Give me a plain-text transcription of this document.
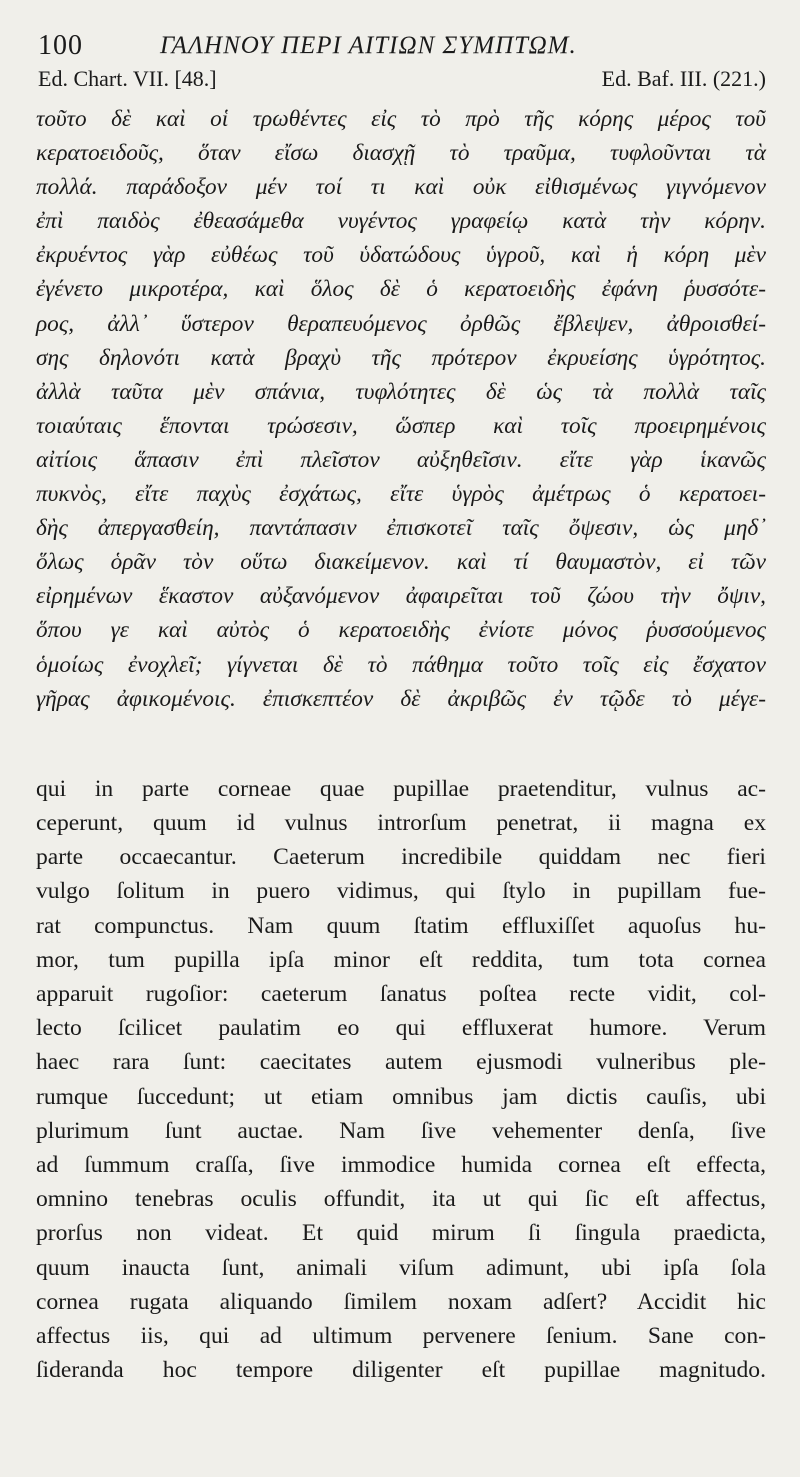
100	ΓΑΛΗΝΟΥ ΠΕΡΙ ΑΙΤΙΩΝ ΣΥΜΠΤΩΜ.
Ed. Chart. VII. [48.]	Ed. Baf. III. (221.)
τοῦτο δὲ καὶ οἱ τρωθέντες εἰς τὸ πρὸ τῆς κόρης μέρος τοῦ
κερατοειδοῦς, ὅταν εἴσω διασχῇ τὸ τραῦμα, τυφλοῦνται τὰ
πολλά. παράδοξον μέν τοί τι καὶ οὐκ εἰθισμένως γιγνόμενον
ἐπὶ παιδὸς ἐθεασάμεθα νυγέντος γραφείῳ κατὰ τὴν κόρην.
ἐκρυέντος γὰρ εὐθέως τοῦ ὑδατώδους ὑγροῦ, καὶ ἡ κόρη μὲν
ἐγένετο μικροτέρα, καὶ ὅλος δὲ ὁ κερατοειδὴς ἐφάνη ῥυσσότε-
ρος, ἀλλ᾽ ὕστερον θεραπευόμενος ὀρθῶς ἔβλεψεν, ἀθροισθεί-
σης δηλονότι κατὰ βραχὺ τῆς πρότερον ἐκρυείσης ὑγρότητος.
ἀλλὰ ταῦτα μὲν σπάνια, τυφλότητες δὲ ὡς τὰ πολλὰ ταῖς
τοιαύταις ἕπονται τρώσεσιν, ὥσπερ καὶ τοῖς προειρημένοις
αἰτίοις ἅπασιν ἐπὶ πλεῖστον αὐξηθεῖσιν. εἴτε γὰρ ἱκανῶς
πυκνὸς, εἴτε παχὺς ἐσχάτως, εἴτε ὑγρὸς ἀμέτρως ὁ κερατοει-
δὴς ἀπεργασθείη, παντάπασιν ἐπισκοτεῖ ταῖς ὄψεσιν, ὡς μηδ᾽
ὅλως ὁρᾶν τὸν οὕτω διακείμενον. καὶ τί θαυμαστὸν, εἰ τῶν
εἰρημένων ἕκαστον αὐξανόμενον ἀφαιρεῖται τοῦ ζώου τὴν ὄψιν,
ὅπου γε καὶ αὐτὸς ὁ κερατοειδὴς ἐνίοτε μόνος ῥυσσούμενος
ὁμοίως ἐνοχλεῖ; γίγνεται δὲ τὸ πάθημα τοῦτο τοῖς εἰς ἔσχατον
γῆρας ἀφικομένοις. ἐπισκεπτέον δὲ ἀκριβῶς ἐν τῷδε τὸ μέγε-
qui in parte corneae quae pupillae praetenditur, vulnus ac-
ceperunt, quum id vulnus introrſum penetrat, ii magna ex
parte occaecantur. Caeterum incredibile quiddam nec fieri
vulgo ſolitum in puero vidimus, qui ſtylo in pupillam fue-
rat compunctus. Nam quum ſtatim effluxiſſet aquoſus hu-
mor, tum pupilla ipſa minor eſt reddita, tum tota cornea
apparuit rugoſior: caeterum ſanatus poſtea recte vidit, col-
lecto ſcilicet paulatim eo qui effluxerat humore. Verum
haec rara ſunt: caecitates autem ejusmodi vulneribus ple-
rumque ſuccedunt; ut etiam omnibus jam dictis cauſis, ubi
plurimum ſunt auctae. Nam ſive vehementer denſa, ſive
ad ſummum craſſa, ſive immodice humida cornea eſt effecta,
omnino tenebras oculis offundit, ita ut qui ſic eſt affectus,
prorſus non videat. Et quid mirum ſi ſingula praedicta,
quum inaucta ſunt, animali viſum adimunt, ubi ipſa ſola
cornea rugata aliquando ſimilem noxam adſert? Accidit hic
affectus iis, qui ad ultimum pervenere ſenium. Sane con-
ſideranda hoc tempore diligenter eſt pupillae magnitudo.
